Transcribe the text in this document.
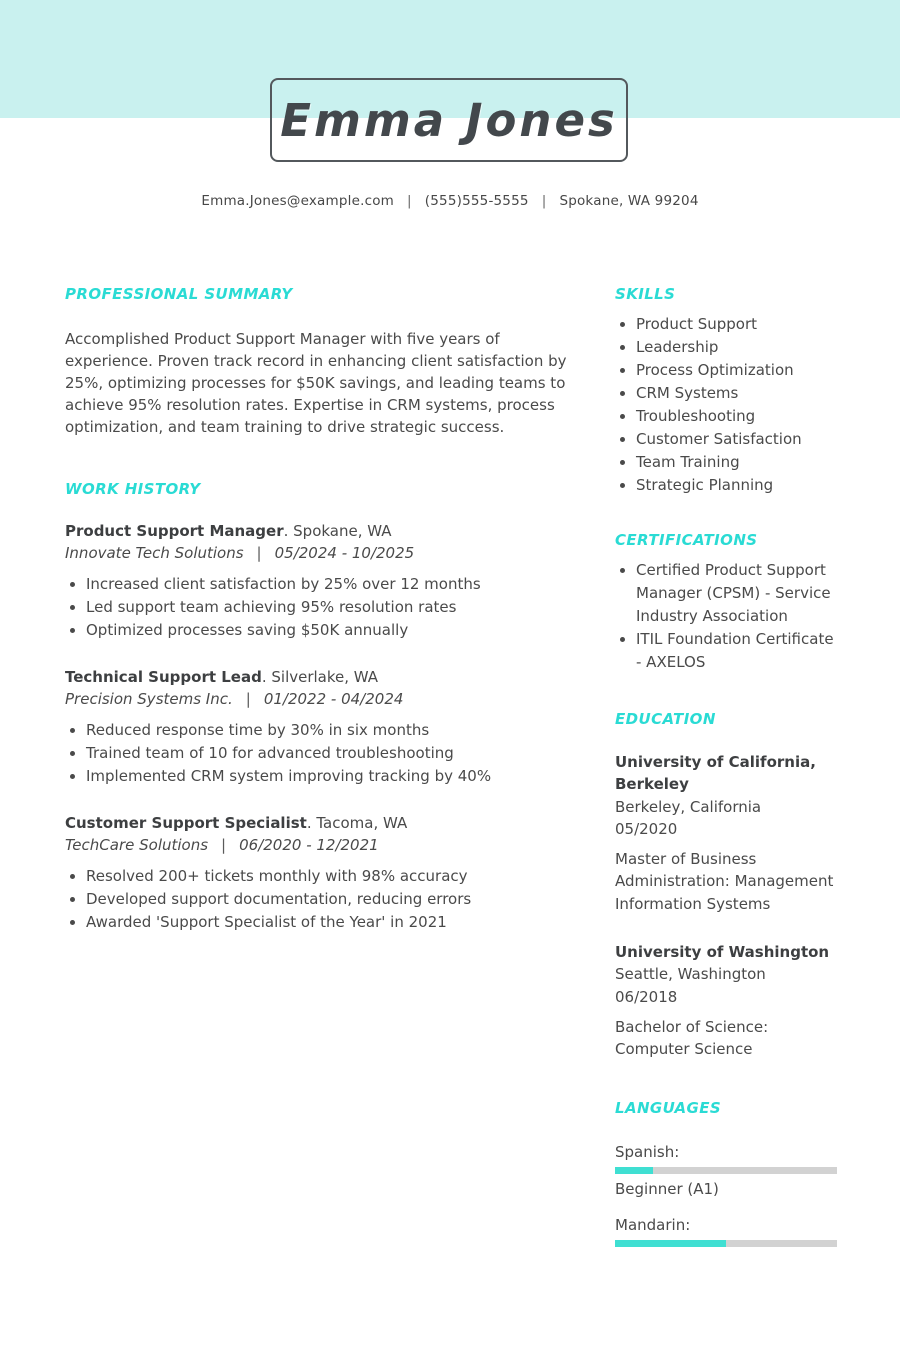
Emma Jones
Emma.Jones@example.com | (555)555-5555 | Spokane, WA 99204
PROFESSIONAL SUMMARY

Accomplished Product Support Manager with five years of experience. Proven track record in enhancing client satisfaction by 25%, optimizing processes for $50K savings, and leading teams to achieve 95% resolution rates. Expertise in CRM systems, process optimization, and team training to drive strategic success.

WORK HISTORY
Product Support Manager. Spokane, WA
Innovate Tech Solutions | 05/2024 - 10/2025
• Increased client satisfaction by 25% over 12 months
• Led support team achieving 95% resolution rates
• Optimized processes saving $50K annually
Technical Support Lead. Silverlake, WA
Precision Systems Inc. | 01/2022 - 04/2024
• Reduced response time by 30% in six months
• Trained team of 10 for advanced troubleshooting
• Implemented CRM system improving tracking by 40%
Customer Support Specialist. Tacoma, WA
TechCare Solutions | 06/2020 - 12/2021
• Resolved 200+ tickets monthly with 98% accuracy
• Developed support documentation, reducing errors
• Awarded 'Support Specialist of the Year' in 2021
SKILLS
• Product Support
• Leadership
• Process Optimization
• CRM Systems
• Troubleshooting
• Customer Satisfaction
• Team Training
• Strategic Planning
CERTIFICATIONS
• Certified Product Support Manager (CPSM) - Service Industry Association
• ITIL Foundation Certificate - AXELOS
EDUCATION
University of California, Berkeley
Berkeley, California
05/2020
Master of Business Administration: Management Information Systems
University of Washington
Seattle, Washington
06/2018
Bachelor of Science: Computer Science
LANGUAGES
Spanish:
Beginner (A1)
Mandarin:
